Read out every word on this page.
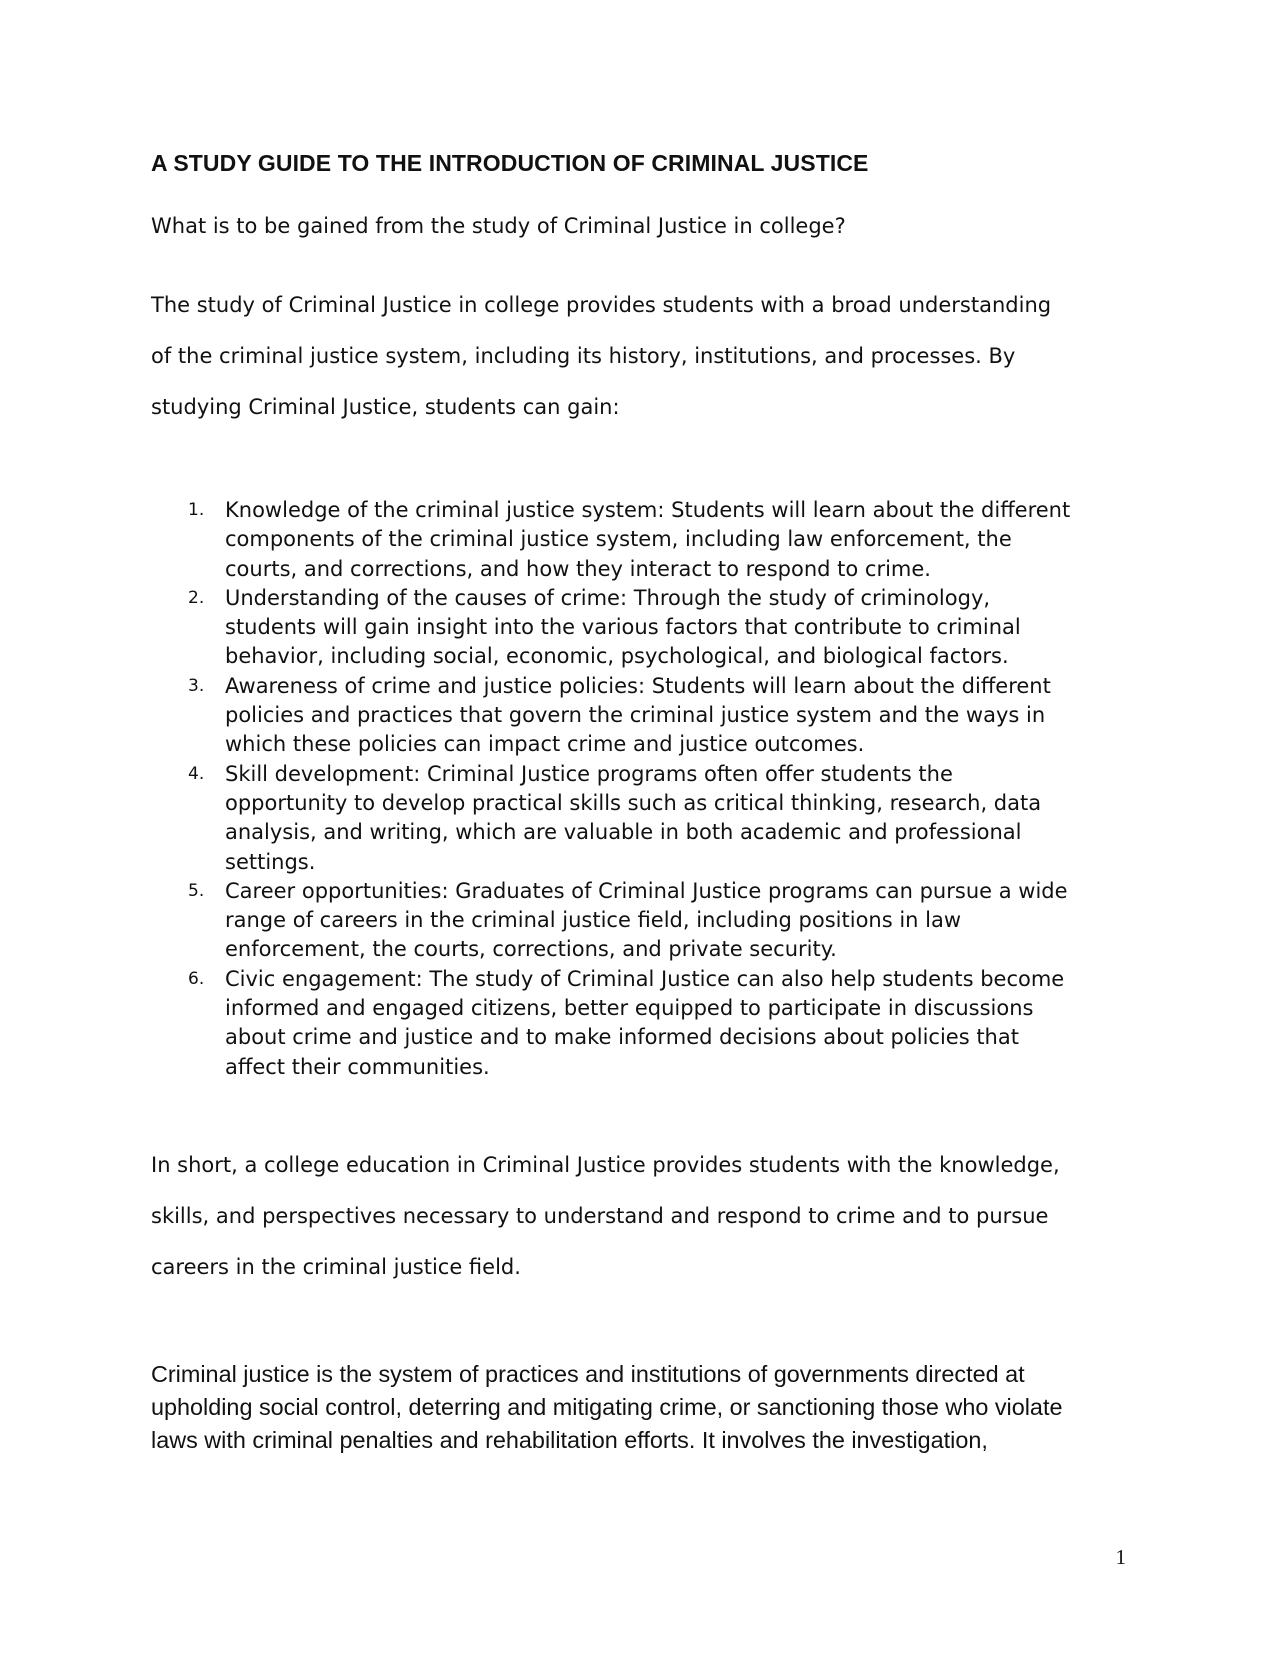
A STUDY GUIDE TO THE INTRODUCTION OF CRIMINAL JUSTICE

What is to be gained from the study of Criminal Justice in college?

The study of Criminal Justice in college provides students with a broad understanding
of the criminal justice system, including its history, institutions, and processes. By
studying Criminal Justice, students can gain:

1. Knowledge of the criminal justice system: Students will learn about the different
components of the criminal justice system, including law enforcement, the
courts, and corrections, and how they interact to respond to crime.
2. Understanding of the causes of crime: Through the study of criminology,
students will gain insight into the various factors that contribute to criminal
behavior, including social, economic, psychological, and biological factors.
3. Awareness of crime and justice policies: Students will learn about the different
policies and practices that govern the criminal justice system and the ways in
which these policies can impact crime and justice outcomes.
4. Skill development: Criminal Justice programs often offer students the
opportunity to develop practical skills such as critical thinking, research, data
analysis, and writing, which are valuable in both academic and professional
settings.
5. Career opportunities: Graduates of Criminal Justice programs can pursue a wide
range of careers in the criminal justice field, including positions in law
enforcement, the courts, corrections, and private security.
6. Civic engagement: The study of Criminal Justice can also help students become
informed and engaged citizens, better equipped to participate in discussions
about crime and justice and to make informed decisions about policies that
affect their communities.

In short, a college education in Criminal Justice provides students with the knowledge,
skills, and perspectives necessary to understand and respond to crime and to pursue
careers in the criminal justice field.

Criminal justice is the system of practices and institutions of governments directed at
upholding social control, deterring and mitigating crime, or sanctioning those who violate
laws with criminal penalties and rehabilitation efforts. It involves the investigation,

1
